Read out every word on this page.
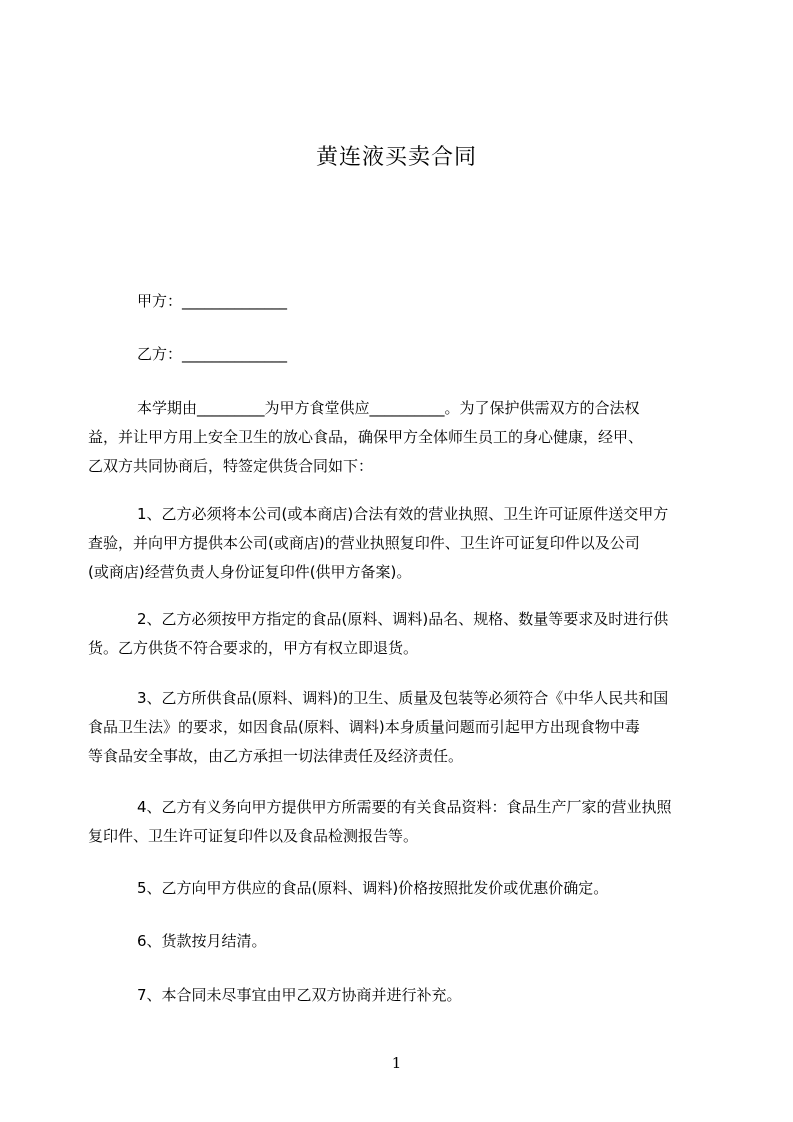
黄连液买卖合同
甲方：______________
乙方：______________

本学期由_________为甲方食堂供应__________。为了保护供需双方的合法权

益，并让甲方用上安全卫生的放心食品，确保甲方全体师生员工的身心健康，经甲、

乙双方共同协商后，特签定供货合同如下：

1、乙方必须将本公司(或本商店)合法有效的营业执照、卫生许可证原件送交甲方

查验，并向甲方提供本公司(或商店)的营业执照复印件、卫生许可证复印件以及公司

(或商店)经营负责人身份证复印件(供甲方备案)。

2、乙方必须按甲方指定的食品(原料、调料)品名、规格、数量等要求及时进行供

货。乙方供货不符合要求的，甲方有权立即退货。

3、乙方所供食品(原料、调料)的卫生、质量及包装等必须符合《中华人民共和国

食品卫生法》的要求，如因食品(原料、调料)本身质量问题而引起甲方出现食物中毒

等食品安全事故，由乙方承担一切法律责任及经济责任。

4、乙方有义务向甲方提供甲方所需要的有关食品资料：食品生产厂家的营业执照

复印件、卫生许可证复印件以及食品检测报告等。

5、乙方向甲方供应的食品(原料、调料)价格按照批发价或优惠价确定。

6、货款按月结清。

7、本合同未尽事宜由甲乙双方协商并进行补充。

1
